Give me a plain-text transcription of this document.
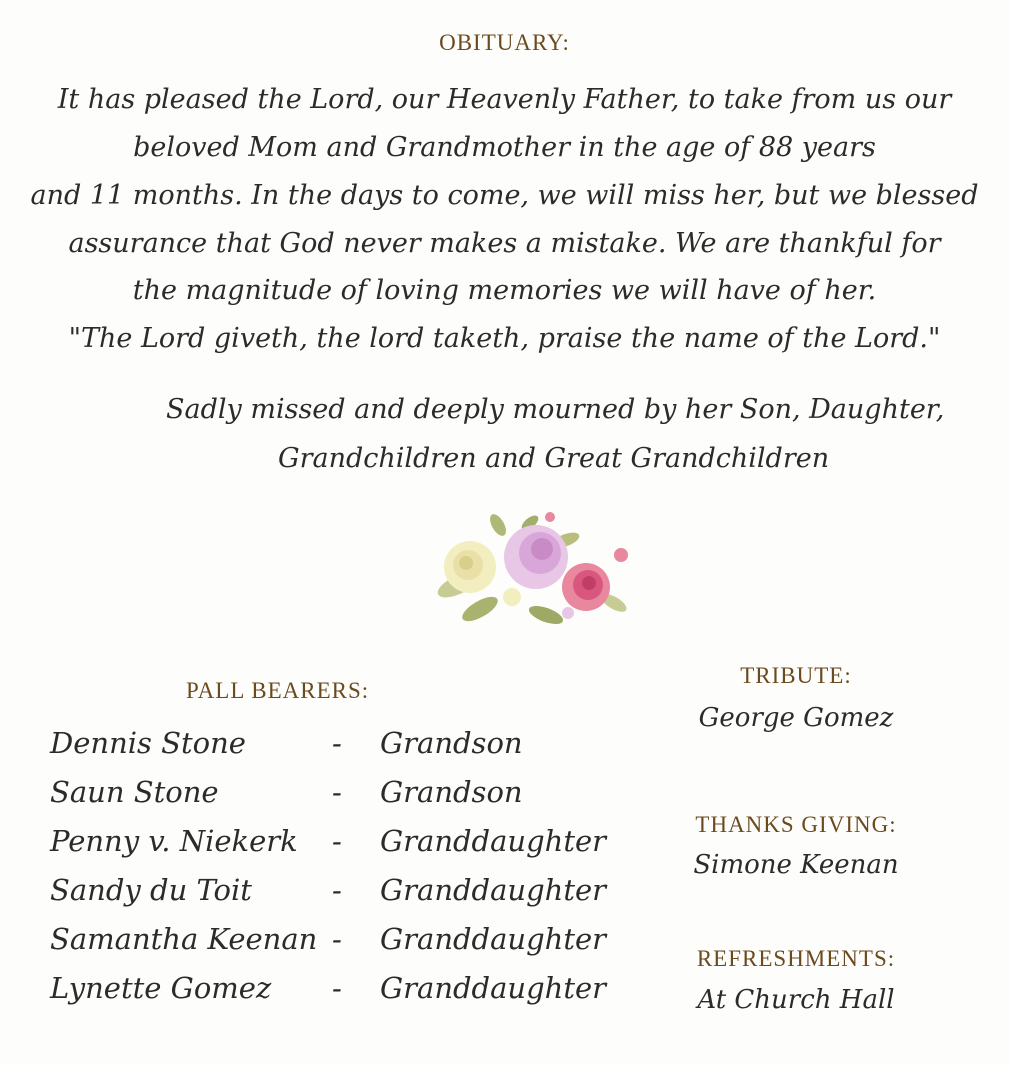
OBITUARY:
It has pleased the Lord, our Heavenly Father, to take from us our
beloved Mom and Grandmother in the age of 88 years
and 11 months. In the days to come, we will miss her, but we blessed
assurance that God never makes a mistake. We are thankful for
the magnitude of loving memories we will have of her.
"The Lord giveth, the lord taketh, praise the name of the Lord."
Sadly missed and deeply mourned by her Son, Daughter,
Grandchildren and Great Grandchildren
PALL BEARERS:
Dennis Stone	- Grandson
Saun Stone	- Grandson
Penny v. Niekerk - Granddaughter
Sandy du Toit	- Granddaughter
Samantha Keenan - Granddaughter
Lynette Gomez - Granddaughter
TRIBUTE:
George Gomez
THANKS GIVING:
Simone Keenan
REFRESHMENTS:
At Church Hall
